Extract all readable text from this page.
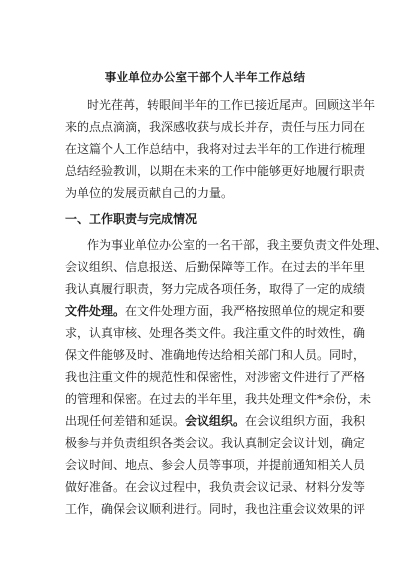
事业单位办公室干部个人半年工作总结
时光荏苒，转眼间半年的工作已接近尾声。回顾这半年
来的点点滴滴，我深感收获与成长并存，责任与压力同在
在这篇个人工作总结中，我将对过去半年的工作进行梳理
总结经验教训，以期在未来的工作中能够更好地履行职责
为单位的发展贡献自己的力量。
一、工作职责与完成情况
作为事业单位办公室的一名干部，我主要负责文件处理、
会议组织、信息报送、后勤保障等工作。在过去的半年里
我认真履行职责，努力完成各项任务，取得了一定的成绩
文件处理。 在文件处理方面，我严格按照单位的规定和要
求，认真审核、处理各类文件。我注重文件的时效性，确
保文件能够及时、准确地传达给相关部门和人员。同时，
我也注重文件的规范性和保密性，对涉密文件进行了严格
的管理和保密。在过去的半年里，我共处理文件*余份，未
出现任何差错和延误。 会议组织。 在会议组织方面，我积
极参与并负责组织各类会议。我认真制定会议计划，确定
会议时间、地点、参会人员等事项，并提前通知相关人员
做好准备。在会议过程中，我负责会议记录、材料分发等
工作，确保会议顺利进行。同时，我也注重会议效果的评
